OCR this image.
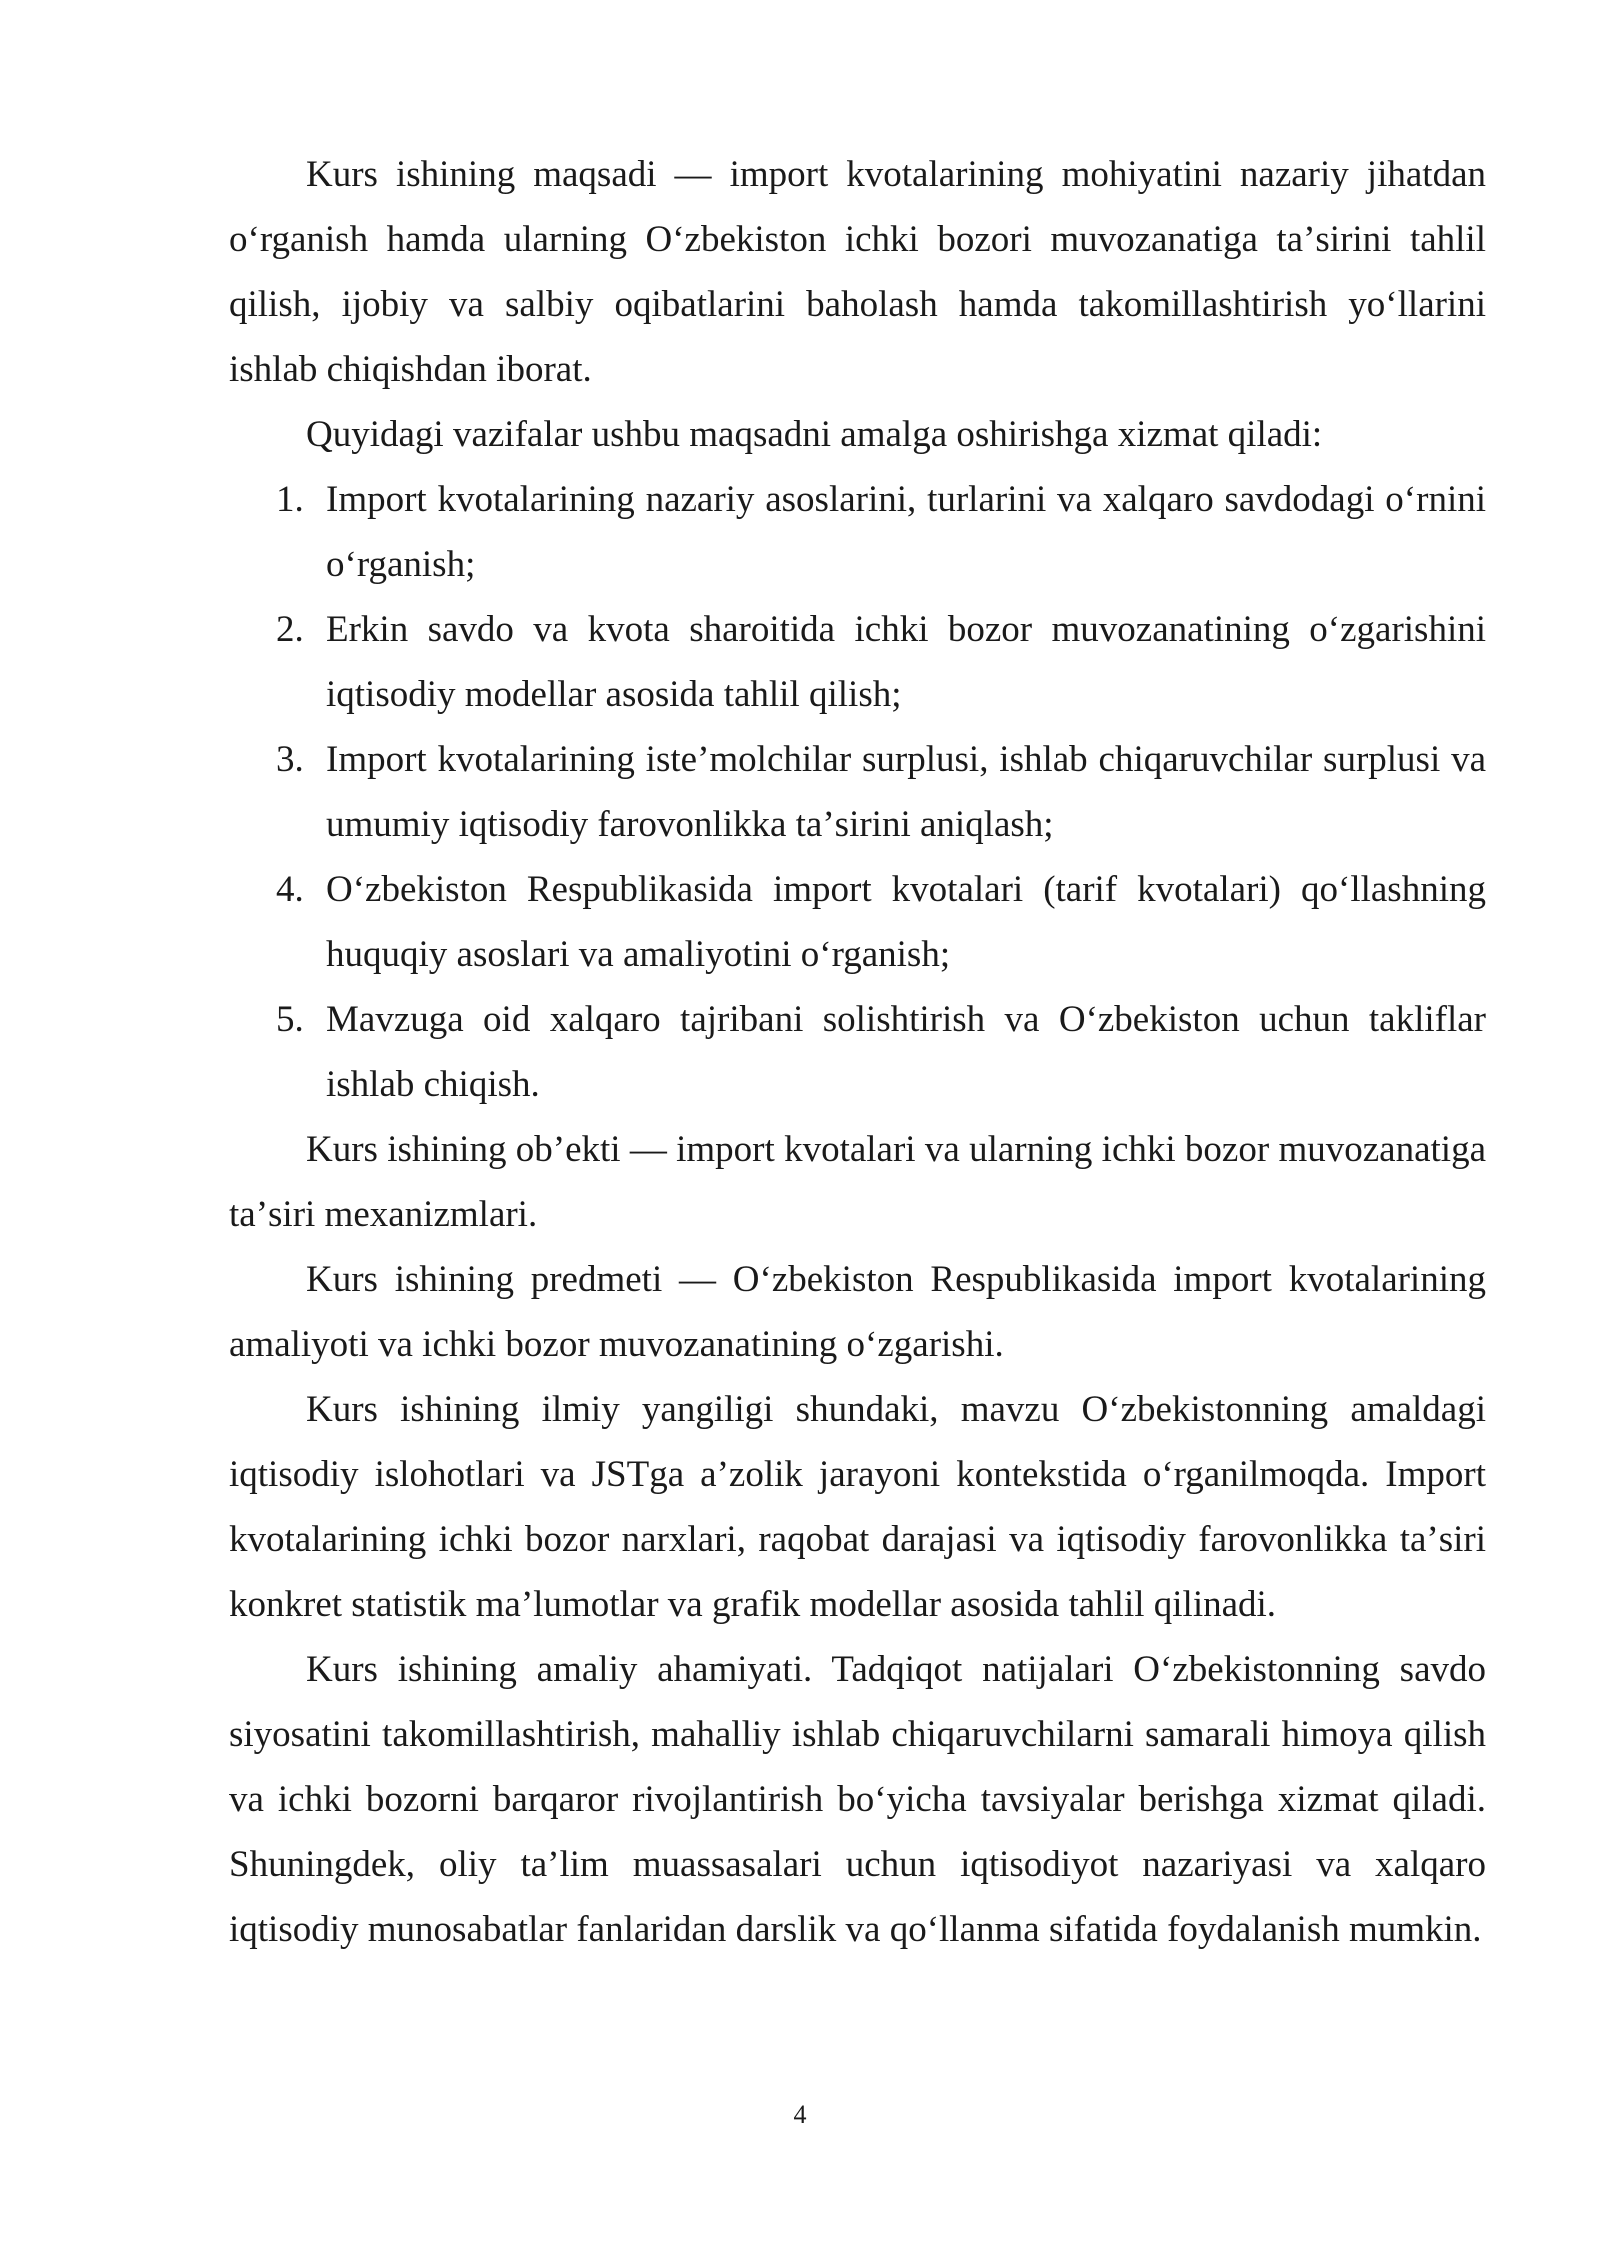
Kurs ishining maqsadi — import kvotalarining mohiyatini nazariy jihatdan oʻrganish hamda ularning Oʻzbekiston ichki bozori muvozanatiga taʼsirini tahlil qilish, ijobiy va salbiy oqibatlarini baholash hamda takomillashtirish yoʻllarini ishlab chiqishdan iborat.

Quyidagi vazifalar ushbu maqsadni amalga oshirishga xizmat qiladi:

1. Import kvotalarining nazariy asoslarini, turlarini va xalqaro savdodagi oʻrnini oʻrganish;
2. Erkin savdo va kvota sharoitida ichki bozor muvozanatining oʻzgarishini iqtisodiy modellar asosida tahlil qilish;
3. Import kvotalarining isteʼmolchilar surplusi, ishlab chiqaruvchilar surplusi va umumiy iqtisodiy farovonlikka taʼsirini aniqlash;
4. Oʻzbekiston Respublikasida import kvotalari (tarif kvotalari) qoʻllashning huquqiy asoslari va amaliyotini oʻrganish;
5. Mavzuga oid xalqaro tajribani solishtirish va Oʻzbekiston uchun takliflar ishlab chiqish.

Kurs ishining obʼekti — import kvotalari va ularning ichki bozor muvozanatiga taʼsiri mexanizmlari.

Kurs ishining predmeti — Oʻzbekiston Respublikasida import kvotalarining amaliyoti va ichki bozor muvozanatining oʻzgarishi.

Kurs ishining ilmiy yangiligi shundaki, mavzu Oʻzbekistonning amaldagi iqtisodiy islohotlari va JSTga aʼzolik jarayoni kontekstida oʻrganilmoqda. Import kvotalarining ichki bozor narxlari, raqobat darajasi va iqtisodiy farovonlikka taʼsiri konkret statistik maʼlumotlar va grafik modellar asosida tahlil qilinadi.

Kurs ishining amaliy ahamiyati. Tadqiqot natijalari Oʻzbekistonning savdo siyosatini takomillashtirish, mahalliy ishlab chiqaruvchilarni samarali himoya qilish va ichki bozorni barqaror rivojlantirish boʻyicha tavsiyalar berishga xizmat qiladi. Shuningdek, oliy taʼlim muassasalari uchun iqtisodiyot nazariyasi va xalqaro iqtisodiy munosabatlar fanlaridan darslik va qoʻllanma sifatida foydalanish mumkin.

4
